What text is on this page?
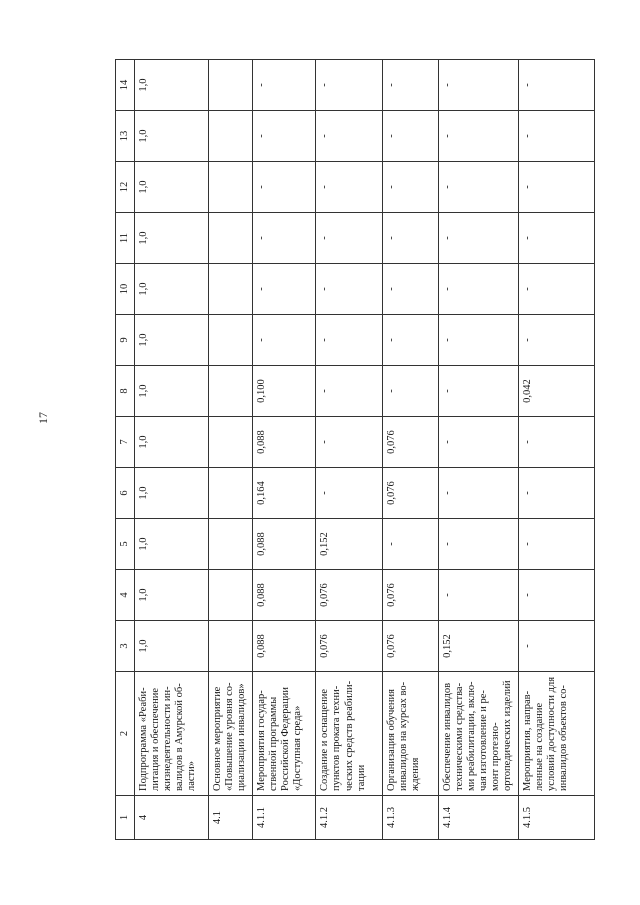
17
1	2	3	4	5	6	7	8	9	10	11	12	13	14
4	Подпрограмма «Реаби- литация и обеспечение жизнедеятельности ин- валидов в Амурской об- ласти»	1,0	1,0	1,0	1,0	1,0	1,0	1,0	1,0	1,0	1,0	1,0	1,0

4.1	Основное мероприятие «Повышение уровня со- циализации инвалидов»	

4.1.1	Мероприятия государ- ственной программы Российской Федерации «Доступная среда»	0,088	0,088	0,088	0,164	0,088	0,100	-	-	-	-	-	-

4.1.2	Создание и оснащение пунктов проката техни- ческих средств реабили- тации	0,076	0,076	0,152	-	-	-	-	-	-	-	-	-

4.1.3	Организация обучения инвалидов на курсах во- ждения	0,076	0,076	-	0,076	0,076	-	-	-	-	-	-	-

4.1.4	Обеспечение инвалидов техническими средства- ми реабилитации, вклю- чая изготовление и ре- монт протезно- ортопедических изделий	0,152	-	-	-	-	-	-	-	-	-	-	-

4.1.5	Мероприятия, направ- ленные на создание условий доступности для инвалидов объектов со-	-	-	-	-	-	0,042	-	-	-	-	-	-
